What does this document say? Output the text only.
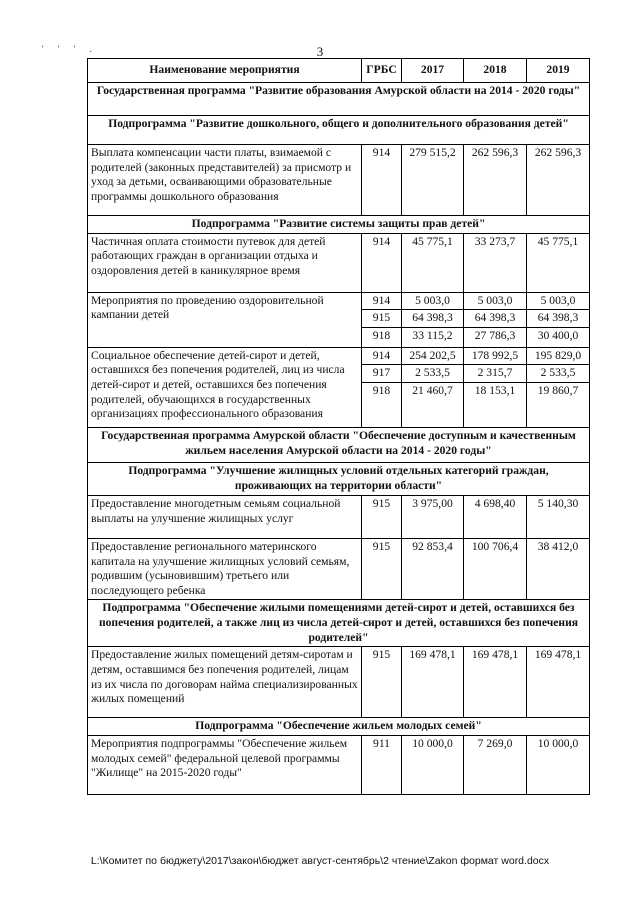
' ' ' .	3
Наименование мероприятия	ГРБС	2017	2018	2019
Государственная программа "Развитие образования Амурской области на 2014 - 2020 годы"				
Подпрограмма "Развитие дошкольного, общего и дополнительного образования детей"				
Выплата компенсации части платы, взимаемой с родителей (законных представителей) за присмотр и уход за детьми, осваивающими образовательные программы дошкольного образования	914	279 515,2	262 596,3	262 596,3
Подпрограмма "Развитие системы защиты прав детей"				
Частичная оплата стоимости путевок для детей работающих граждан в организации отдыха и оздоровления детей в каникулярное время	914	45 775,1	33 273,7	45 775,1
Мероприятия по проведению оздоровительной кампании детей	914	5 003,0	5 003,0	5 003,0
	915	64 398,3	64 398,3	64 398,3
	918	33 115,2	27 786,3	30 400,0
Социальное обеспечение детей-сирот и детей, оставшихся без попечения родителей, лиц из числа детей-сирот и детей, оставшихся без попечения родителей, обучающихся в государственных организациях профессионального образования	914	254 202,5	178 992,5	195 829,0
	917	2 533,5	2 315,7	2 533,5
	918	21 460,7	18 153,1	19 860,7
Государственная программа Амурской области "Обеспечение доступным и качественным жильем населения Амурской области на 2014 - 2020 годы"				
Подпрограмма "Улучшение жилищных условий отдельных категорий граждан, проживающих на территории области"				
Предоставление многодетным семьям социальной выплаты на улучшение жилищных услуг	915	3 975,00	4 698,40	5 140,30
Предоставление регионального материнского капитала на улучшение жилищных условий семьям, родившим (усыновившим) третьего или последующего ребенка	915	92 853,4	100 706,4	38 412,0
Подпрограмма "Обеспечение жилыми помещениями детей-сирот и детей, оставшихся без попечения родителей, а также лиц из числа детей-сирот и детей, оставшихся без попечения родителей"				
Предоставление жилых помещений детям-сиротам и детям, оставшимся без попечения родителей, лицам из их числа по договорам найма специализированных жилых помещений	915	169 478,1	169 478,1	169 478,1
Подпрограмма "Обеспечение жильем молодых семей"				
Мероприятия подпрограммы "Обеспечение жильем молодых семей" федеральной целевой программы "Жилище" на 2015-2020 годы"	911	10 000,0	7 269,0	10 000,0
L:\Комитет по бюджету\2017\закон\бюджет август-сентябрь\2 чтение\Zakon формат word.docx
